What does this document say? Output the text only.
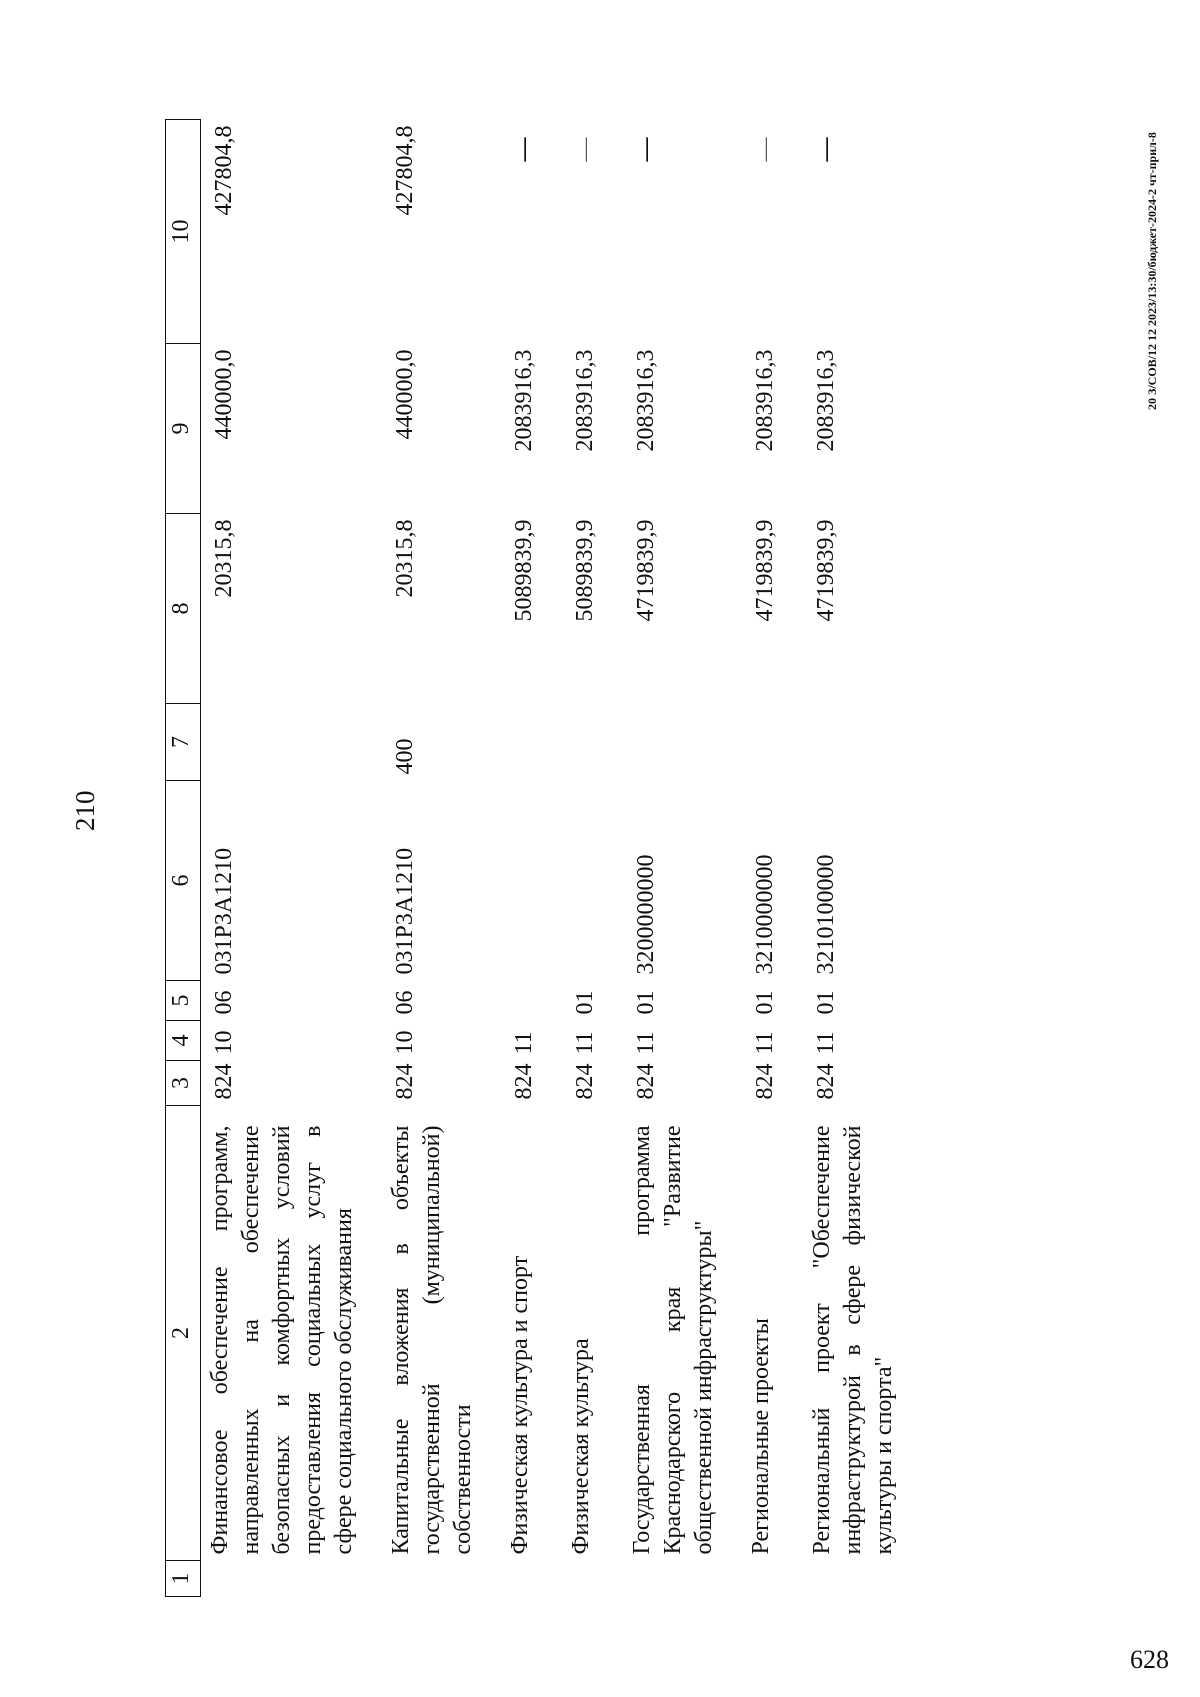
210
1	2	3	4	5	6	7	8	9	10

	Финансовое обеспечение программ, направленных на обеспечение безопасных и комфортных условий предоставления социальных услуг в сфере социального обслуживания	824	10	06	031Р3А1210		20315,8	440000,0	427804,8

	Капитальные вложения в объекты государственной (муниципальной) собственности	824	10	06	031Р3А1210	400	20315,8	440000,0	427804,8

	Физическая культура и спорт	824	11				5089839,9	2083916,3	—

	Физическая культура	824	11	01			5089839,9	2083916,3	—

	Государственная программа Краснодарского края "Развитие общественной инфраструктуры"	824	11	01	3200000000		4719839,9	2083916,3	—

	Региональные проекты	824	11	01	3210000000		4719839,9	2083916,3	—

	Региональный проект "Обеспечение инфраструктурой в сфере физической культуры и спорта"	824	11	01	3210100000		4719839,9	2083916,3	—	20 З/СОВ/12 12 2023/13:30/бюджет-2024-2 чт-прил-8
628
